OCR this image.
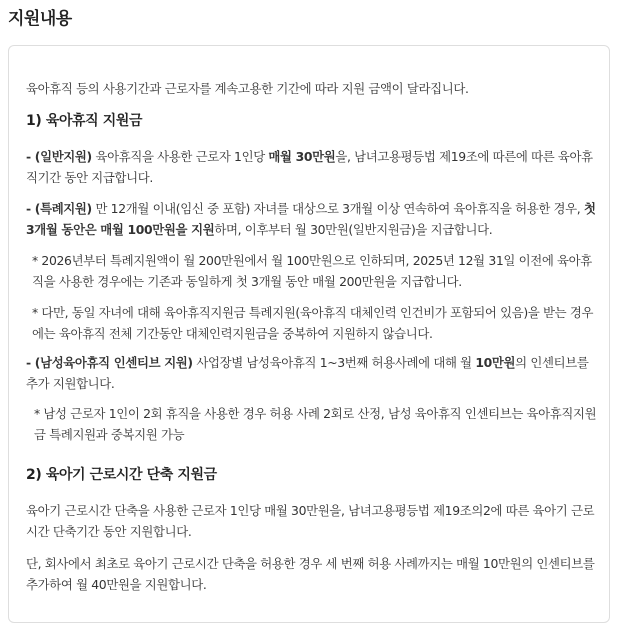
지원내용

육아휴직 등의 사용기간과 근로자를 계속고용한 기간에 따라 지원 금액이 달라집니다.

1) 육아휴직 지원금

- (일반지원) 육아휴직을 사용한 근로자 1인당 매월 30만원을, 남녀고용평등법 제19조에 따른에 따른 육아휴직기간 동안 지급합니다.

- (특례지원) 만 12개월 이내(임신 중 포함) 자녀를 대상으로 3개월 이상 연속하여 육아휴직을 허용한 경우, 첫 3개월 동안은 매월 100만원을 지원하며, 이후부터 월 30만원(일반지원금)을 지급합니다.

* 2026년부터 특례지원액이 월 200만원에서 월 100만원으로 인하되며, 2025년 12월 31일 이전에 육아휴직을 사용한 경우에는 기존과 동일하게 첫 3개월 동안 매월 200만원을 지급합니다.

* 다만, 동일 자녀에 대해 육아휴직지원금 특례지원(육아휴직 대체인력 인건비가 포함되어 있음)을 받는 경우에는 육아휴직 전체 기간동안 대체인력지원금을 중복하여 지원하지 않습니다.

- (남성육아휴직 인센티브 지원) 사업장별 남성육아휴직 1~3번째 허용사례에 대해 월 10만원의 인센티브를 추가 지원합니다.

* 남성 근로자 1인이 2회 휴직을 사용한 경우 허용 사례 2회로 산정, 남성 육아휴직 인센티브는 육아휴직지원금 특례지원과 중복지원 가능

2) 육아기 근로시간 단축 지원금

육아기 근로시간 단축을 사용한 근로자 1인당 매월 30만원을, 남녀고용평등법 제19조의2에 따른 육아기 근로시간 단축기간 동안 지원합니다.

단, 회사에서 최초로 육아기 근로시간 단축을 허용한 경우 세 번째 허용 사례까지는 매월 10만원의 인센티브를 추가하여 월 40만원을 지원합니다.
